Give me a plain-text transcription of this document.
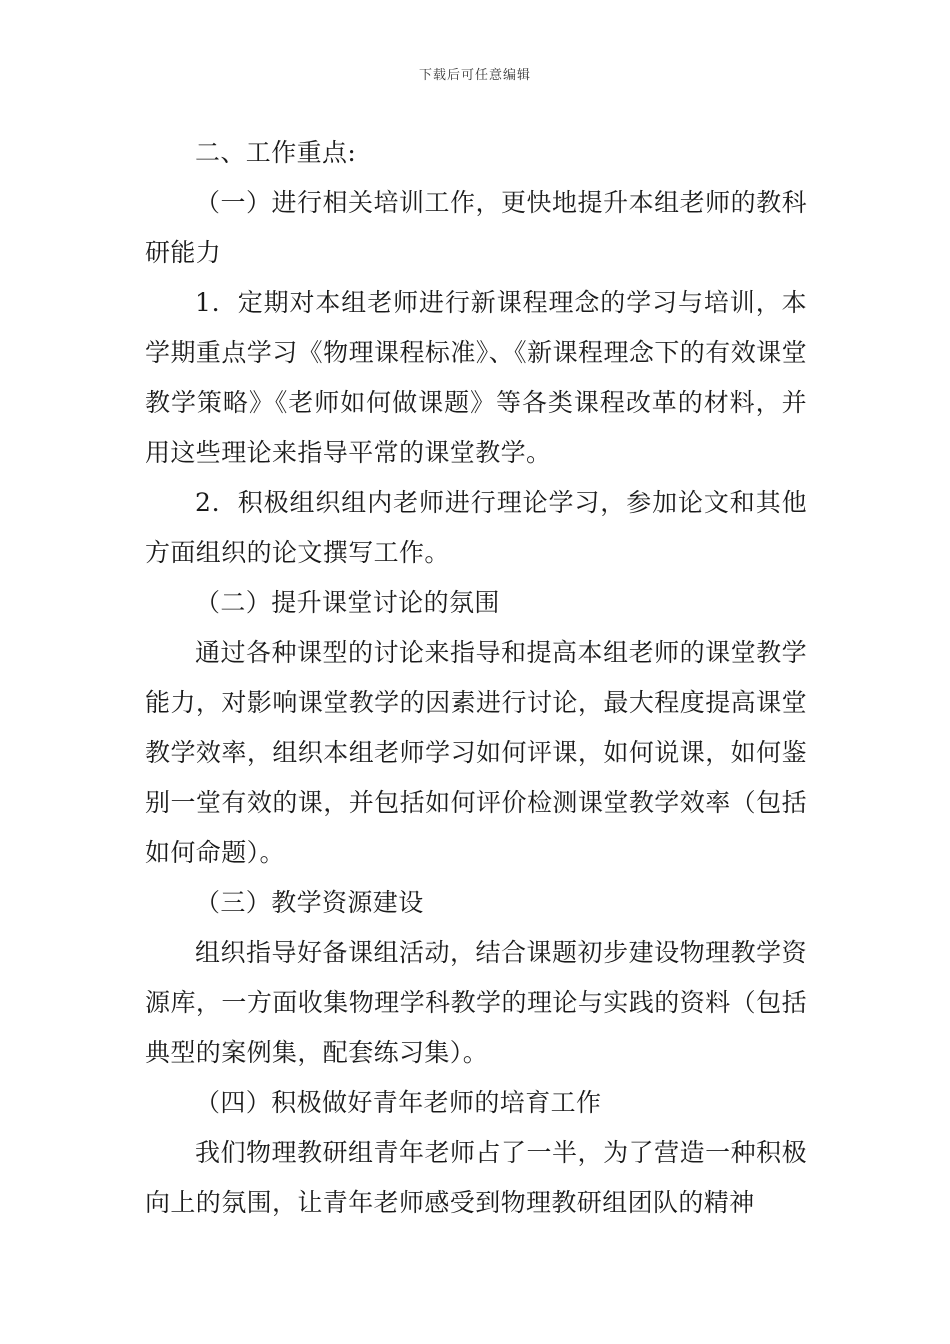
下载后可任意编辑

二、工作重点:

（一）进行相关培训工作，更快地提升本组老师的教科研能力

1．定期对本组老师进行新课程理念的学习与培训，本学期重点学习《物理课程标准》、《新课程理念下的有效课堂教学策略》《老师如何做课题》等各类课程改革的材料，并用这些理论来指导平常的课堂教学。

2．积极组织组内老师进行理论学习，参加论文和其他方面组织的论文撰写工作。

（二）提升课堂讨论的氛围

通过各种课型的讨论来指导和提高本组老师的课堂教学能力，对影响课堂教学的因素进行讨论，最大程度提高课堂教学效率，组织本组老师学习如何评课，如何说课，如何鉴别一堂有效的课，并包括如何评价检测课堂教学效率（包括如何命题）。

（三）教学资源建设

组织指导好备课组活动，结合课题初步建设物理教学资源库，一方面收集物理学科教学的理论与实践的资料（包括典型的案例集，配套练习集）。

（四）积极做好青年老师的培育工作

我们物理教研组青年老师占了一半，为了营造一种积极向上的氛围，让青年老师感受到物理教研组团队的精神
